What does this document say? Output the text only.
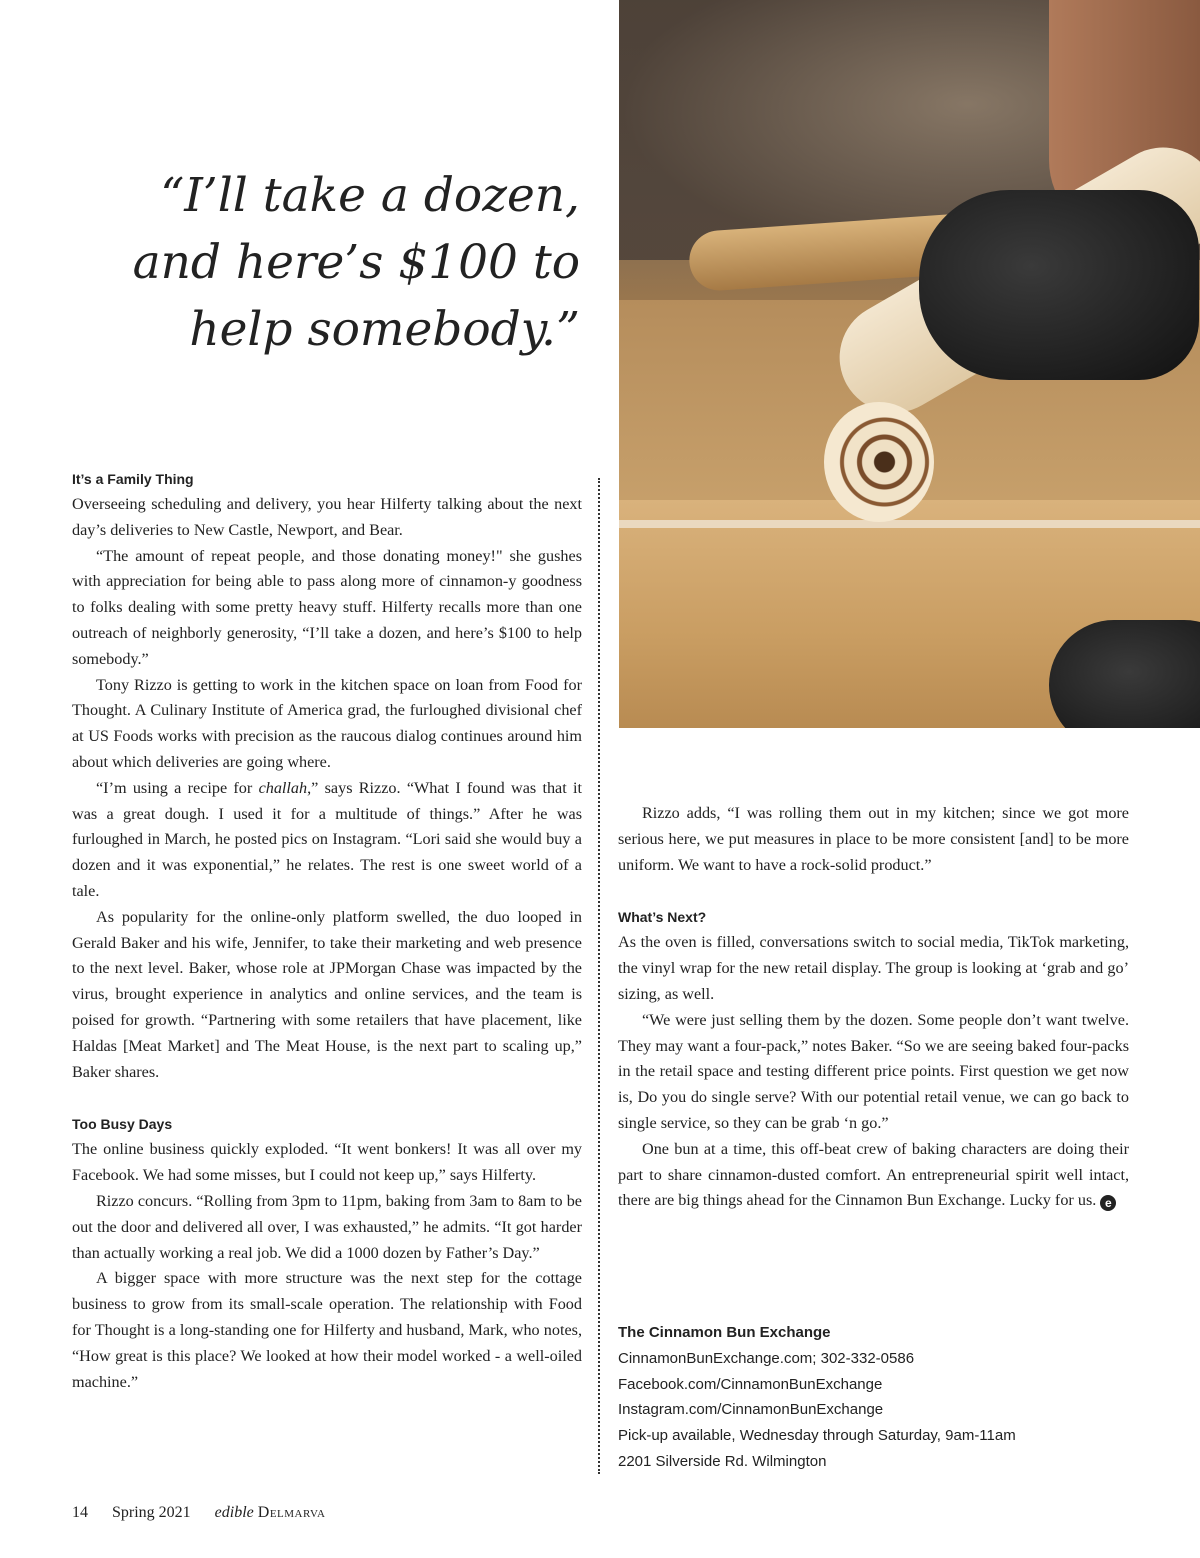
“I’ll take a dozen,
and here’s $100 to
help somebody.”
It’s a Family Thing

Overseeing scheduling and delivery, you hear Hilferty talking about the next day’s deliveries to New Castle, Newport, and Bear.

“The amount of repeat people, and those donating money!" she gushes with appreciation for being able to pass along more of cinnamon-y goodness to folks dealing with some pretty heavy stuff. Hilferty recalls more than one outreach of neighborly generosity, “I’ll take a dozen, and here’s $100 to help somebody.”

Tony Rizzo is getting to work in the kitchen space on loan from Food for Thought. A Culinary Institute of America grad, the furloughed divisional chef at US Foods works with precision as the raucous dialog continues around him about which deliveries are going where.

“I’m using a recipe for challah,” says Rizzo. “What I found was that it was a great dough. I used it for a multitude of things.” After he was furloughed in March, he posted pics on Instagram. “Lori said she would buy a dozen and it was exponential,” he relates. The rest is one sweet world of a tale.

As popularity for the online-only platform swelled, the duo looped in Gerald Baker and his wife, Jennifer, to take their marketing and web presence to the next level. Baker, whose role at JPMorgan Chase was impacted by the virus, brought experience in analytics and online services, and the team is poised for growth. “Partnering with some retailers that have placement, like Haldas [Meat Market] and The Meat House, is the next part to scaling up,” Baker shares.

Too Busy Days

The online business quickly exploded. “It went bonkers! It was all over my Facebook. We had some misses, but I could not keep up,” says Hilferty.

Rizzo concurs. “Rolling from 3pm to 11pm, baking from 3am to 8am to be out the door and delivered all over, I was exhausted,” he admits. “It got harder than actually working a real job. We did a 1000 dozen by Father’s Day.”

A bigger space with more structure was the next step for the cottage business to grow from its small-scale operation. The relationship with Food for Thought is a long-standing one for Hilferty and husband, Mark, who notes, “How great is this place? We looked at how their model worked - a well-oiled machine.”

Rizzo adds, “I was rolling them out in my kitchen; since we got more serious here, we put measures in place to be more consistent [and] to be more uniform. We want to have a rock-solid product.”

What’s Next?

As the oven is filled, conversations switch to social media, TikTok marketing, the vinyl wrap for the new retail display. The group is looking at ‘grab and go’ sizing, as well.

“We were just selling them by the dozen. Some people don’t want twelve. They may want a four-pack,” notes Baker. “So we are seeing baked four-packs in the retail space and testing different price points. First question we get now is, Do you do single serve? With our potential retail venue, we can go back to single service, so they can be grab ‘n go.”

One bun at a time, this off-beat crew of baking characters are doing their part to share cinnamon-dusted comfort. An entrepreneurial spirit well intact, there are big things ahead for the Cinnamon Bun Exchange. Lucky for us. e

The Cinnamon Bun Exchange
CinnamonBunExchange.com; 302-332-0586
Facebook.com/CinnamonBunExchange
Instagram.com/CinnamonBunExchange
Pick-up available, Wednesday through Saturday, 9am-11am
2201 Silverside Rd. Wilmington
14 Spring 2021 edible Delmarva
